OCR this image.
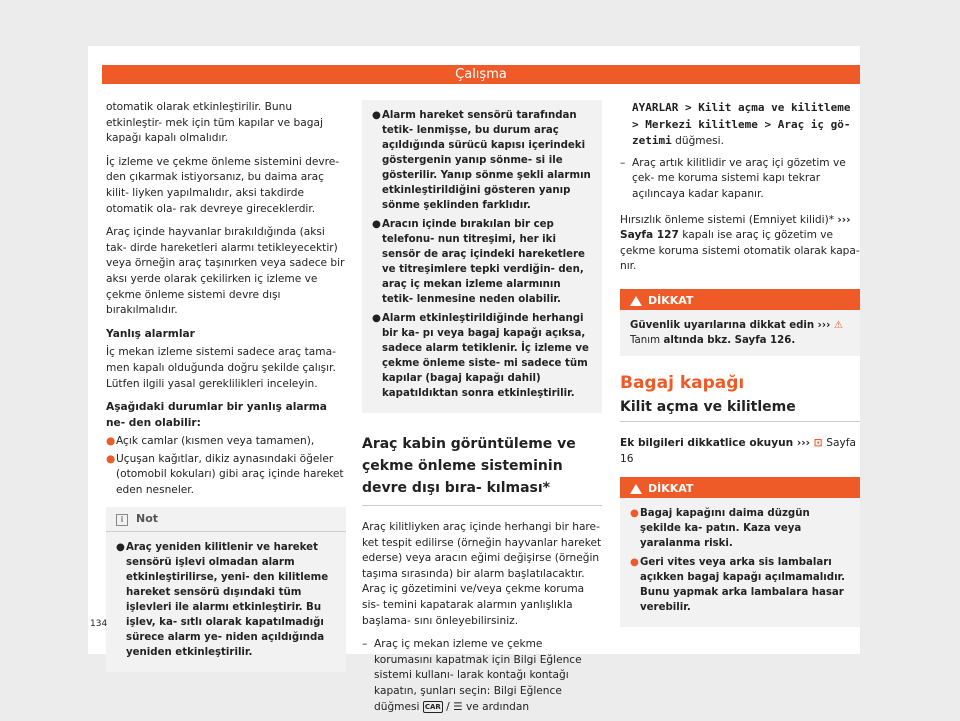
Çalışma

otomatik olarak etkinleştirilir. Bunu etkinleştir- mek için tüm kapılar ve bagaj kapağı kapalı olmalıdır.

İç izleme ve çekme önleme sistemini devre- den çıkarmak istiyorsanız, bu daima araç kilit- liyken yapılmalıdır, aksi takdirde otomatik ola- rak devreye gireceklerdir.

Araç içinde hayvanlar bırakıldığında (aksi tak- dirde hareketleri alarmı tetikleyecektir) veya örneğin araç taşınırken veya sadece bir aksı yerde olarak çekilirken iç izleme ve çekme önleme sistemi devre dışı bırakılmalıdır.

Yanlış alarmlar

İç mekan izleme sistemi sadece araç tama- men kapalı olduğunda doğru şekilde çalışır. Lütfen ilgili yasal gereklilikleri inceleyin.

Aşağıdaki durumlar bir yanlış alarma ne- den olabilir:
● Açık camlar (kısmen veya tamamen),
● Uçuşan kağıtlar, dikiz aynasındaki öğeler (otomobil kokuları) gibi araç içinde hareket eden nesneler.
i Not
● Araç yeniden kilitlenir ve hareket sensörü işlevi olmadan alarm etkinleştirilirse, yeni- den kilitleme hareket sensörü dışındaki tüm işlevleri ile alarmı etkinleştirir. Bu işlev, ka- sıtlı olarak kapatılmadığı sürece alarm ye- niden açıldığında yeniden etkinleştirilir.
● Alarm hareket sensörü tarafından tetik- lenmişse, bu durum araç açıldığında sürücü kapısı içerindeki göstergenin yanıp sönme- si ile gösterilir. Yanıp sönme şekli alarmın etkinleştirildiğini gösteren yanıp sönme şeklinden farklıdır.
● Aracın içinde bırakılan bir cep telefonu- nun titreşimi, her iki sensör de araç içindeki hareketlere ve titreşimlere tepki verdiğin- den, araç iç mekan izleme alarmının tetik- lenmesine neden olabilir.
● Alarm etkinleştirildiğinde herhangi bir ka- pı veya bagaj kapağı açıksa, sadece alarm tetiklenir. İç izleme ve çekme önleme siste- mi sadece tüm kapılar (bagaj kapağı dahil) kapatıldıktan sonra etkinleştirilir.
Araç kabin görüntüleme ve çekme önleme sisteminin devre dışı bıra- kılması*

Araç kilitliyken araç içinde herhangi bir hare- ket tespit edilirse (örneğin hayvanlar hareket ederse) veya aracın eğimi değişirse (örneğin taşıma sırasında) bir alarm başlatılacaktır. Araç iç gözetimini ve/veya çekme koruma sis- temini kapatarak alarmın yanlışlıkla başlama- sını önleyebilirsiniz.

– Araç iç mekan izleme ve çekme korumasını kapatmak için Bilgi Eğlence sistemi kullanı- larak kontağı kontağı kapatın, şunları seçin: Bilgi Eğlence düğmesi CAR / ☰ ve ardından
AYARLAR > Kilit açma ve kilitleme > Merkezi kilitleme > Araç iç gö- zetimi düğmesi.
– Araç artık kilitlidir ve araç içi gözetim ve çek- me koruma sistemi kapı tekrar açılıncaya kadar kapanır.

Hırsızlık önleme sistemi (Emniyet kilidi)* ››› Sayfa 127 kapalı ise araç iç gözetim ve çekme koruma sistemi otomatik olarak kapa- nır.

DİKKAT
Güvenlik uyarılarına dikkat edin ››› ⚠ Tanım altında bkz. Sayfa 126.
Bagaj kapağı
Kilit açma ve kilitleme

Ek bilgileri dikkatlice okuyun ››› ⊡ Sayfa 16

DİKKAT
● Bagaj kapağını daima düzgün şekilde ka- patın. Kaza veya yaralanma riski.
● Geri vites veya arka sis lambaları açıkken bagaj kapağı açılmamalıdır. Bunu yapmak arka lambalara hasar verebilir.
134
